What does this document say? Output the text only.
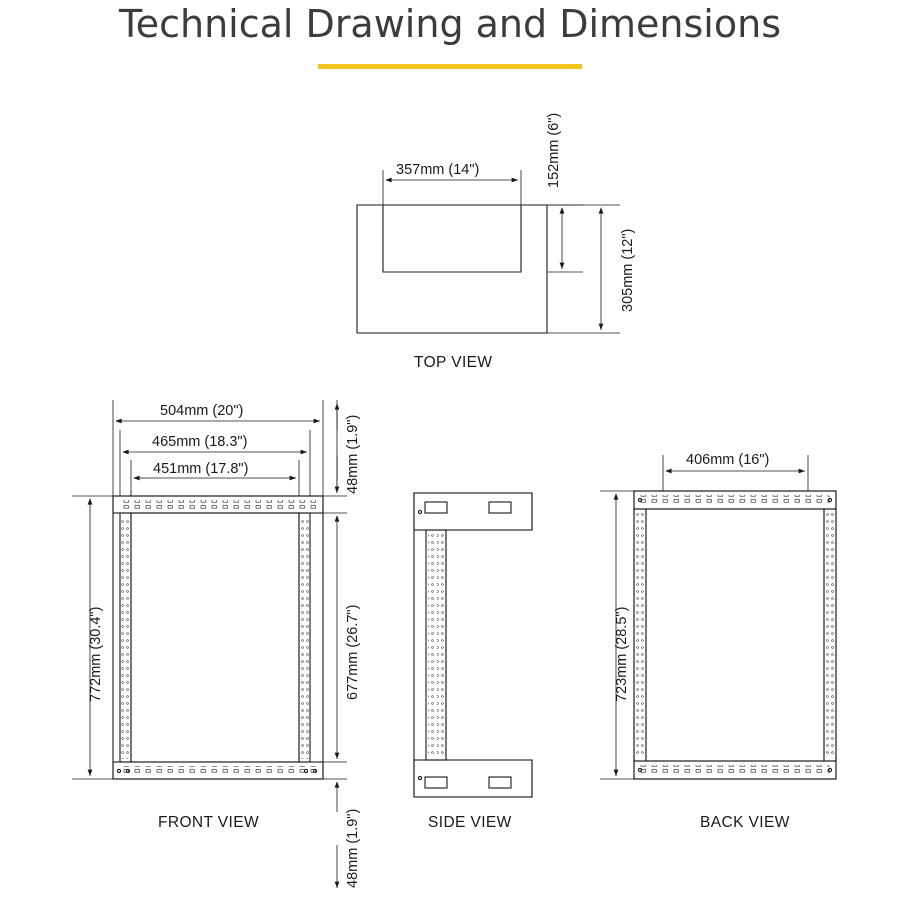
Technical Drawing and Dimensions
357mm (14")	152mm (6")
305mm (12")
TOP VIEW
504mm (20")
465mm (18.3")
451mm (17.8")	48mm (1.9")
772mm (30.4")	677mm (26.7")
48mm (1.9")
FRONT VIEW	SIDE VIEW
406mm (16")
723mm (28.5")
BACK VIEW
